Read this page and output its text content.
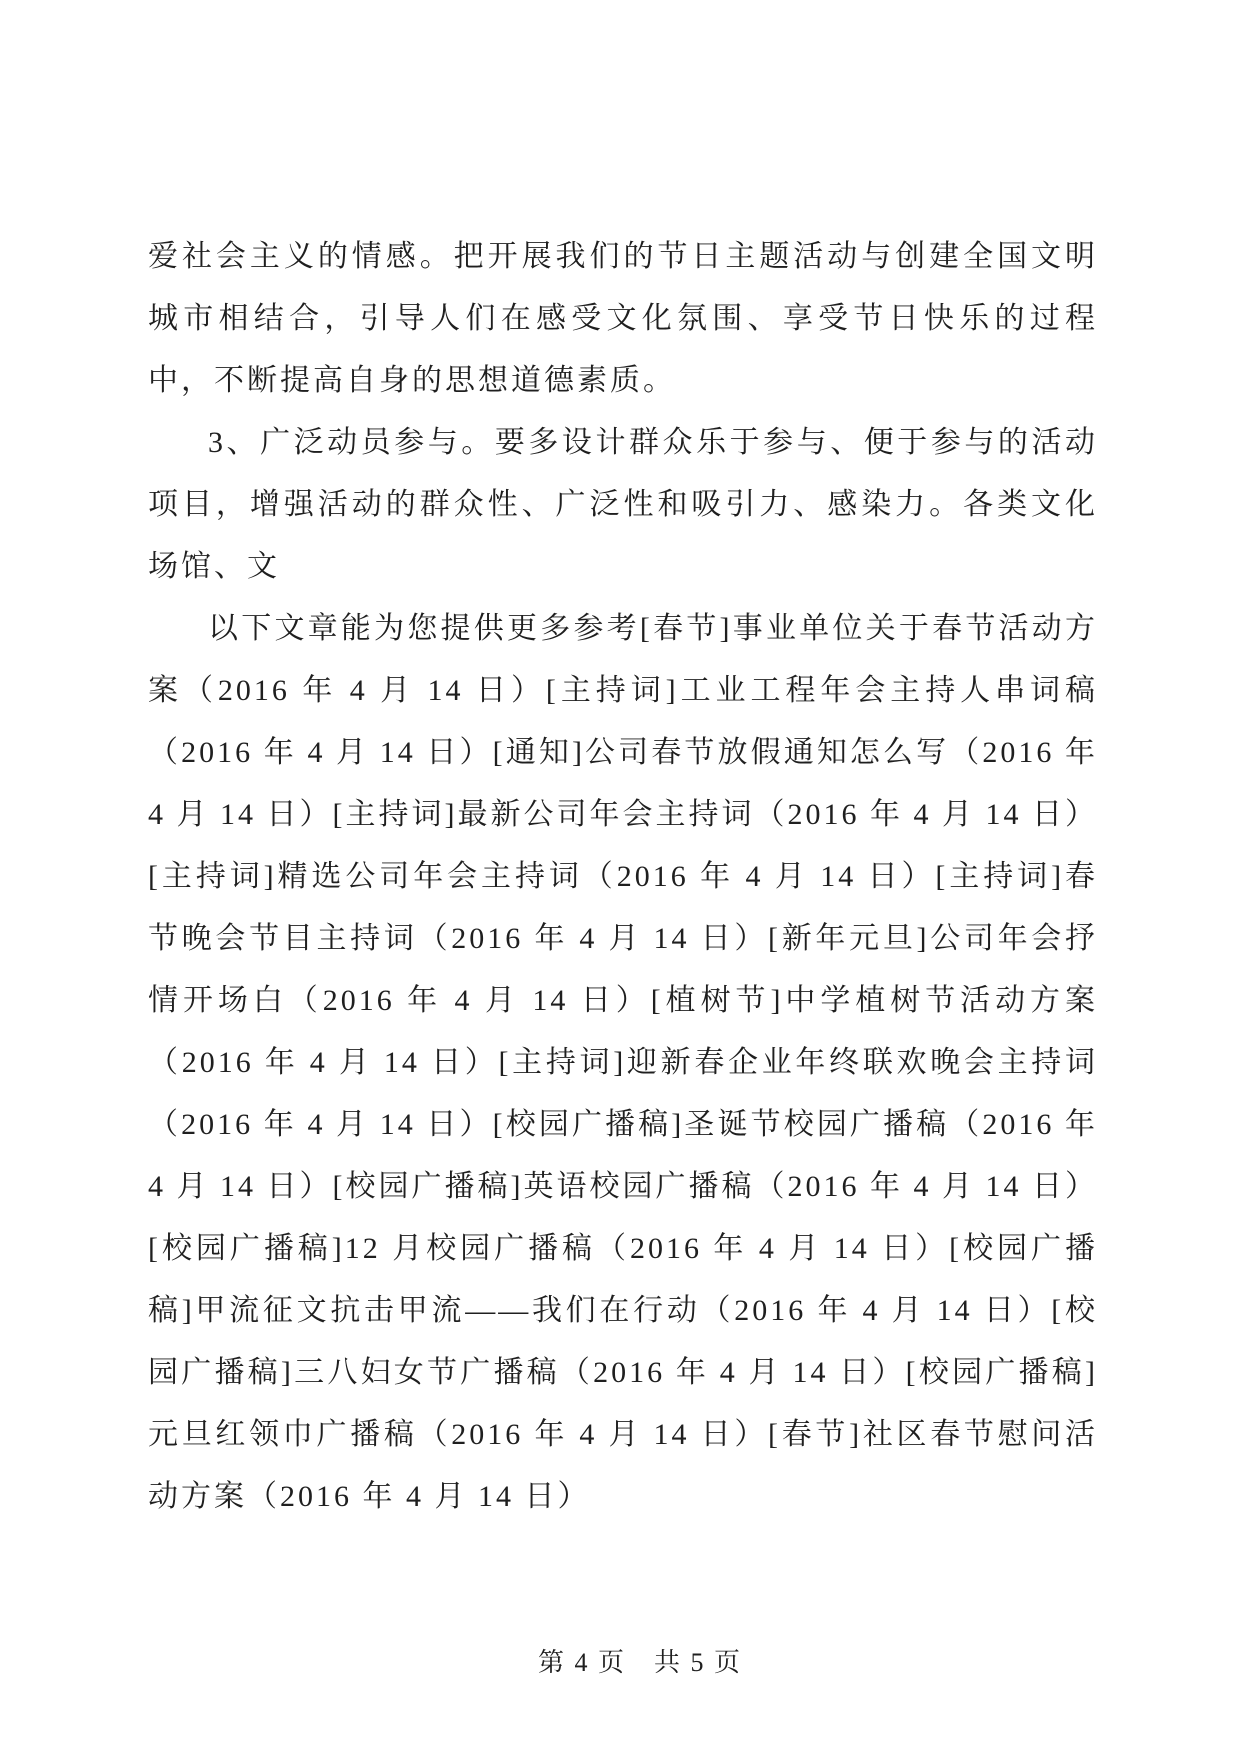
爱社会主义的情感。把开展我们的节日主题活动与创建全国文明城市相结合，引导人们在感受文化氛围、享受节日快乐的过程中，不断提高自身的思想道德素质。

3、广泛动员参与。要多设计群众乐于参与、便于参与的活动项目，增强活动的群众性、广泛性和吸引力、感染力。各类文化场馆、文

以下文章能为您提供更多参考[春节]事业单位关于春节活动方案（2016 年 4 月 14 日）[主持词]工业工程年会主持人串词稿（2016 年 4 月 14 日）[通知]公司春节放假通知怎么写（2016 年 4 月 14 日）[主持词]最新公司年会主持词（2016 年 4 月 14 日）[主持词]精选公司年会主持词（2016 年 4 月 14 日）[主持词]春节晚会节目主持词（2016 年 4 月 14 日）[新年元旦]公司年会抒情开场白（2016 年 4 月 14 日）[植树节]中学植树节活动方案（2016 年 4 月 14 日）[主持词]迎新春企业年终联欢晚会主持词（2016 年 4 月 14 日）[校园广播稿]圣诞节校园广播稿（2016 年 4 月 14 日）[校园广播稿]英语校园广播稿（2016 年 4 月 14 日）[校园广播稿]12 月校园广播稿（2016 年 4 月 14 日）[校园广播稿]甲流征文抗击甲流——我们在行动（2016 年 4 月 14 日）[校园广播稿]三八妇女节广播稿（2016 年 4 月 14 日）[校园广播稿]元旦红领巾广播稿（2016 年 4 月 14 日）[春节]社区春节慰问活动方案（2016 年 4 月 14 日）

第 4 页　共 5 页
